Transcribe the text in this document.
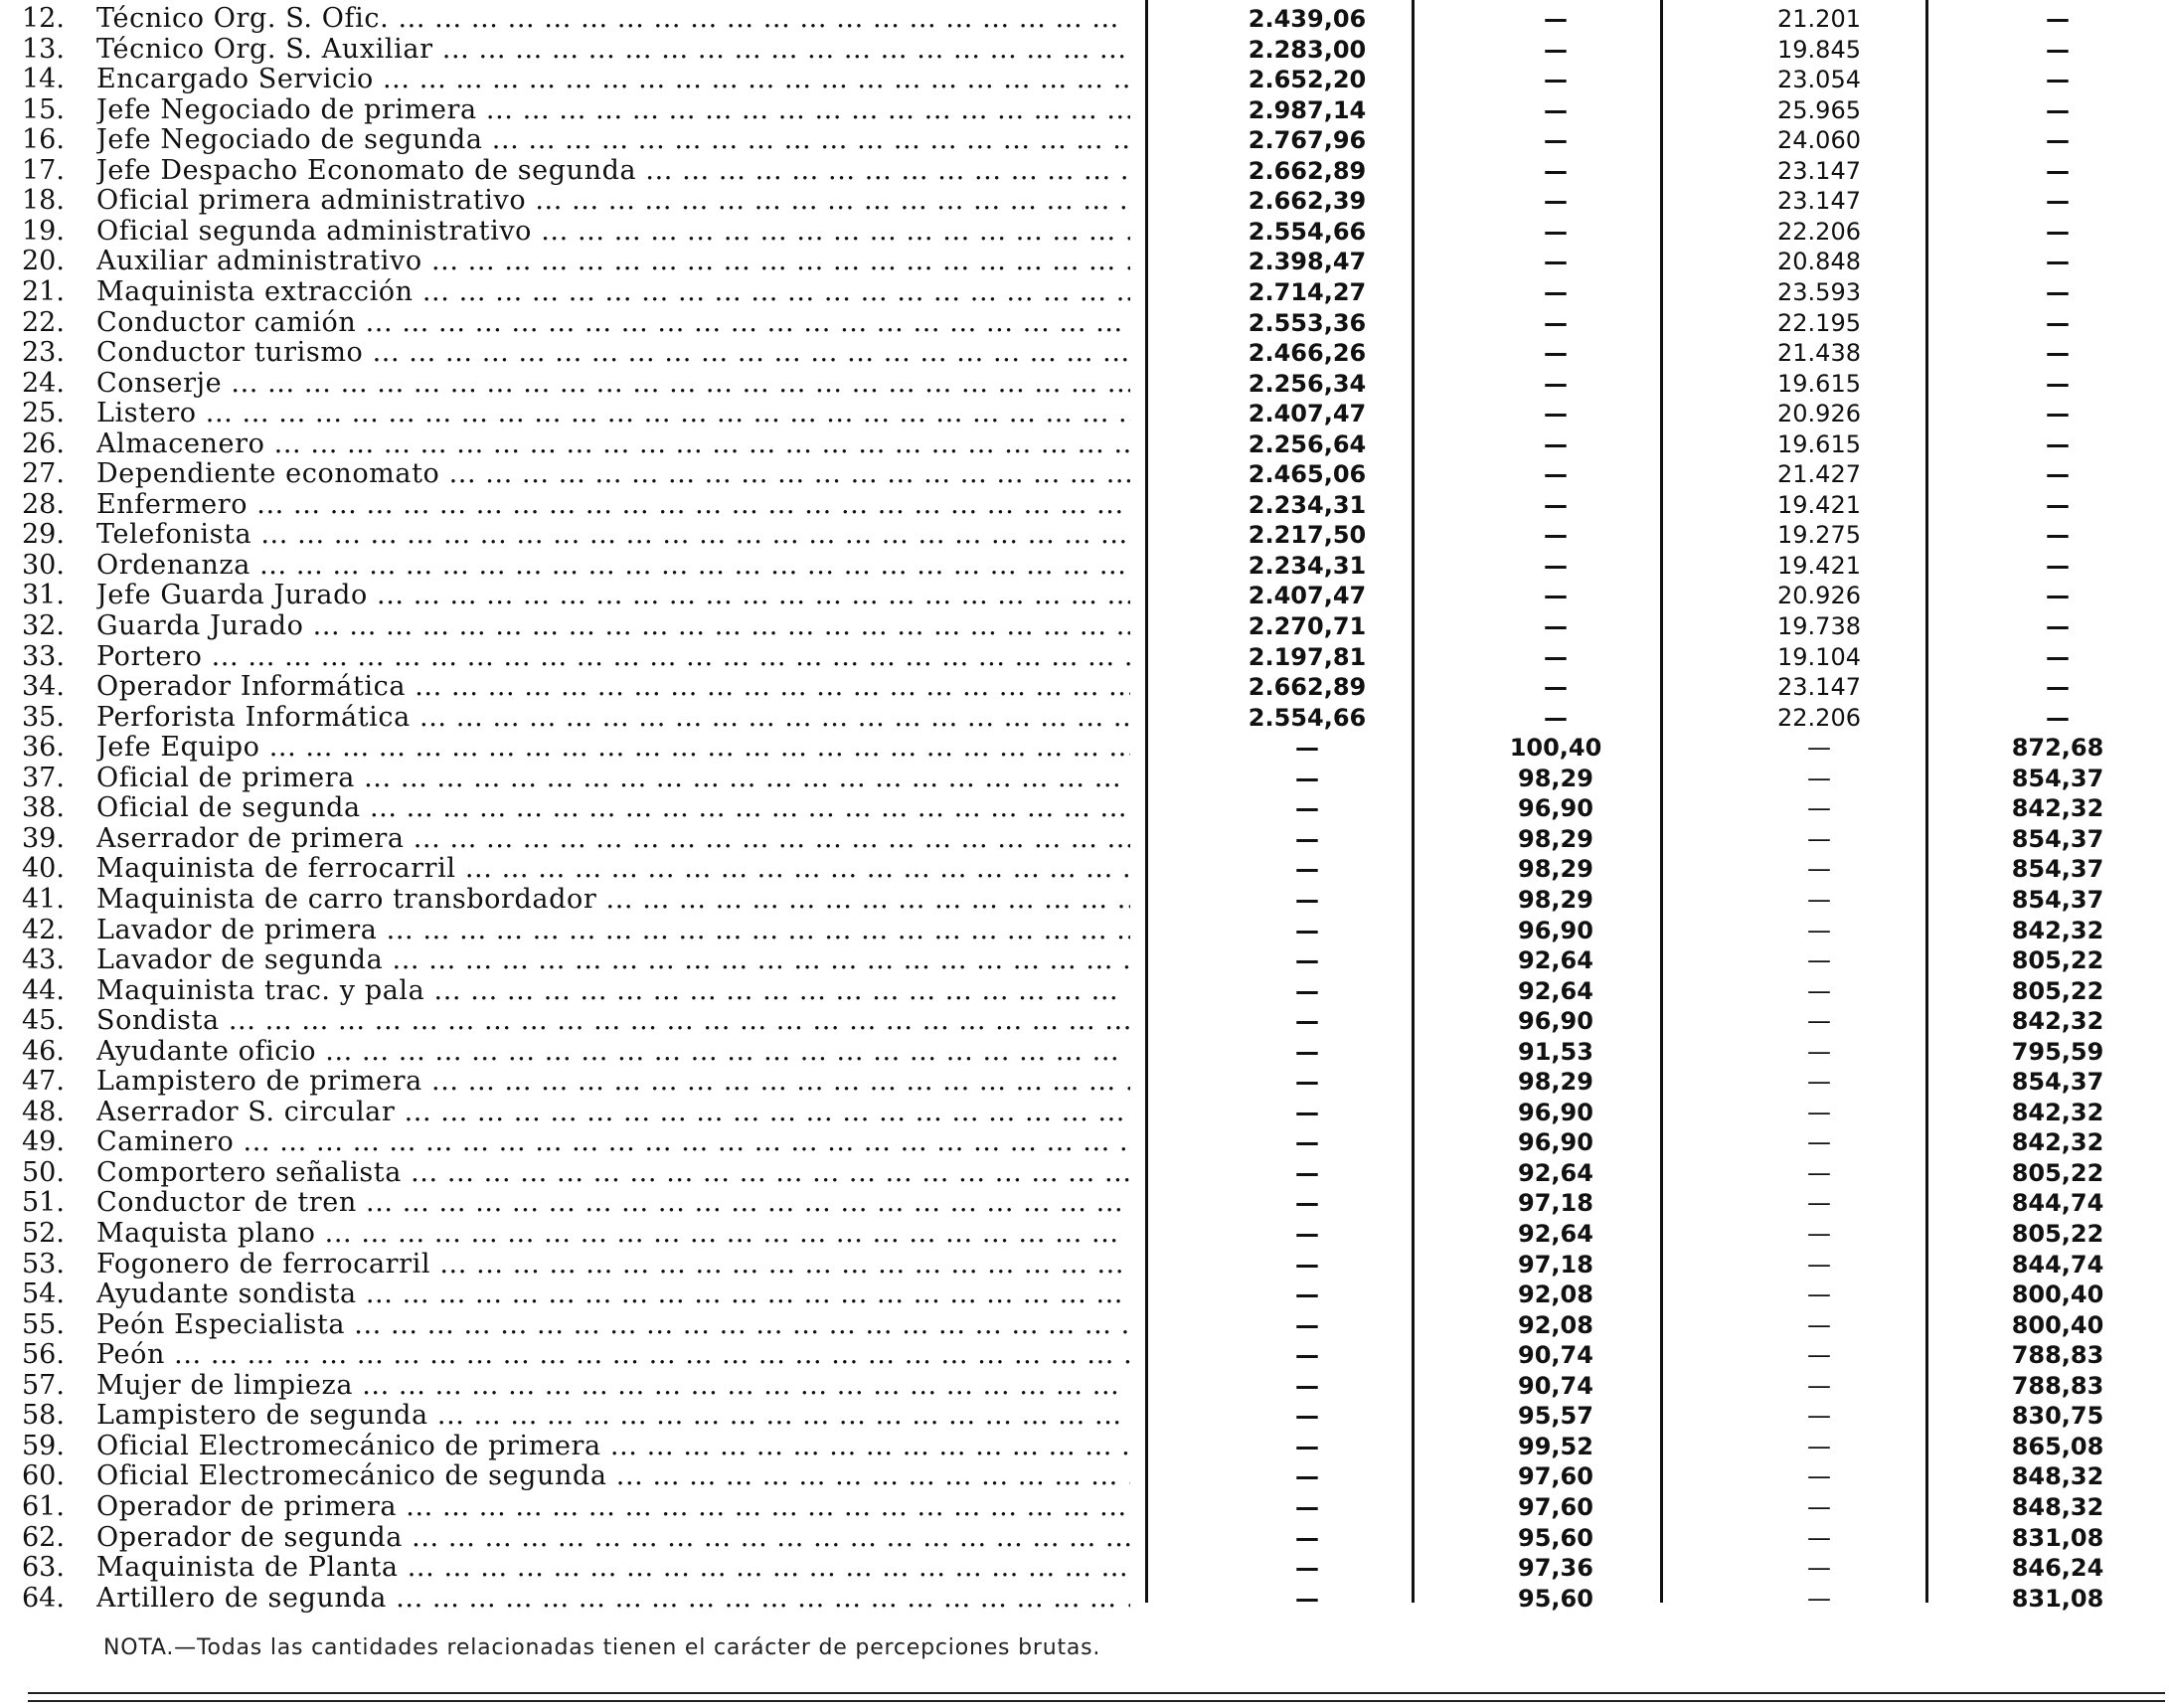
12.	Técnico Org. S. Ofic. ... .	2.439,06	—	21.201	—
13.	Técnico Org. S. Auxiliar ... .	2.283,00	—	19.845	—
14.	Encargado Servicio ... .	2.652,20	—	23.054	—
15.	Jefe Negociado de primera ... .	2.987,14	—	25.965	—
16.	Jefe Negociado de segunda ... .	2.767,96	—	24.060	—
17.	Jefe Despacho Economato de segunda ... .	2.662,89	—	23.147	—
18.	Oficial primera administrativo ... .	2.662,39	—	23.147	—
19.	Oficial segunda administrativo ... .	2.554,66	—	22.206	—
20.	Auxiliar administrativo ... .	2.398,47	—	20.848	—
21.	Maquinista extracción ... .	2.714,27	—	23.593	—
22.	Conductor camión ... .	2.553,36	—	22.195	—
23.	Conductor turismo ... .	2.466,26	—	21.438	—
24.	Conserje ... .	2.256,34	—	19.615	—
25.	Listero ... .	2.407,47	—	20.926	—
26.	Almacenero ... .	2.256,64	—	19.615	—
27.	Dependiente economato ... .	2.465,06	—	21.427	—
28.	Enfermero ... .	2.234,31	—	19.421	—
29.	Telefonista ... .	2.217,50	—	19.275	—
30.	Ordenanza ... .	2.234,31	—	19.421	—
31.	Jefe Guarda Jurado ... .	2.407,47	—	20.926	—
32.	Guarda Jurado ... .	2.270,71	—	19.738	—
33.	Portero ... .	2.197,81	—	19.104	—
34.	Operador Informática ... .	2.662,89	—	23.147	—
35.	Perforista Informática ... .	2.554,66	—	22.206	—
36.	Jefe Equipo ... .	—	100,40	—	872,68
37.	Oficial de primera ... .	—	98,29	—	854,37
38.	Oficial de segunda ... .	—	96,90	—	842,32
39.	Aserrador de primera ... .	—	98,29	—	854,37
40.	Maquinista de ferrocarril ... .	—	98,29	—	854,37
41.	Maquinista de carro transbordador ... .	—	98,29	—	854,37
42.	Lavador de primera ... .	—	96,90	—	842,32
43.	Lavador de segunda ... .	—	92,64	—	805,22
44.	Maquinista trac. y pala ... .	—	92,64	—	805,22
45.	Sondista ... .	—	96,90	—	842,32
46.	Ayudante oficio ... .	—	91,53	—	795,59
47.	Lampistero de primera ... .	—	98,29	—	854,37
48.	Aserrador S. circular ... .	—	96,90	—	842,32
49.	Caminero ... .	—	96,90	—	842,32
50.	Comportero señalista ... .	—	92,64	—	805,22
51.	Conductor de tren ... .	—	97,18	—	844,74
52.	Maquista plano ... .	—	92,64	—	805,22
53.	Fogonero de ferrocarril ... .	—	97,18	—	844,74
54.	Ayudante sondista ... .	—	92,08	—	800,40
55.	Peón Especialista ... .	—	92,08	—	800,40
56.	Peón ... .	—	90,74	—	788,83
57.	Mujer de limpieza ... .	—	90,74	—	788,83
58.	Lampistero de segunda ... .	—	95,57	—	830,75
59.	Oficial Electromecánico de primera ... .	—	99,52	—	865,08
60.	Oficial Electromecánico de segunda ... .	—	97,60	—	848,32
61.	Operador de primera ... .	—	97,60	—	848,32
62.	Operador de segunda ... .	—	95,60	—	831,08
63.	Maquinista de Planta ... .	—	97,36	—	846,24
64.	Artillero de segunda ... .	—	95,60	—	831,08
NOTA.—Todas las cantidades relacionadas tienen el carácter de percepciones brutas.
